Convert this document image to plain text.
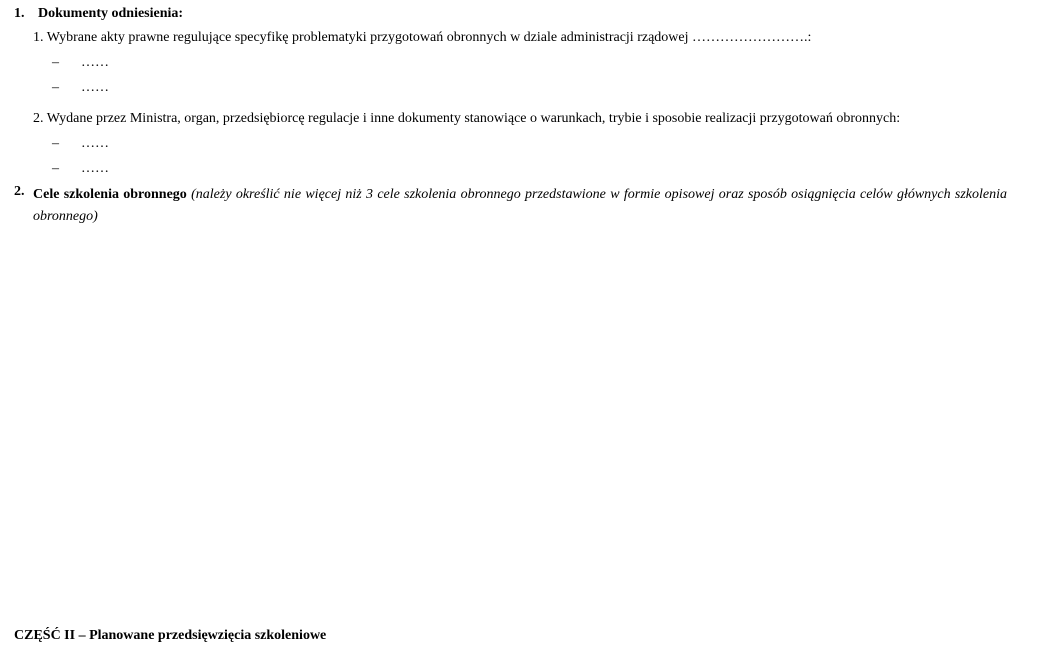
1. Dokumenty odniesienia:
1. Wybrane akty prawne regulujące specyfikę problematyki przygotowań obronnych w dziale administracji rządowej …………………….:
– ……
– ……
2. Wydane przez Ministra, organ, przedsiębiorcę regulacje i inne dokumenty stanowiące o warunkach, trybie i sposobie realizacji przygotowań obronnych:
– ……
– ……
2. Cele szkolenia obronnego (należy określić nie więcej niż 3 cele szkolenia obronnego przedstawione w formie opisowej oraz sposób osiągnięcia celów głównych szkolenia obronnego)
CZĘŚĆ II – Planowane przedsięwzięcia szkoleniowe
